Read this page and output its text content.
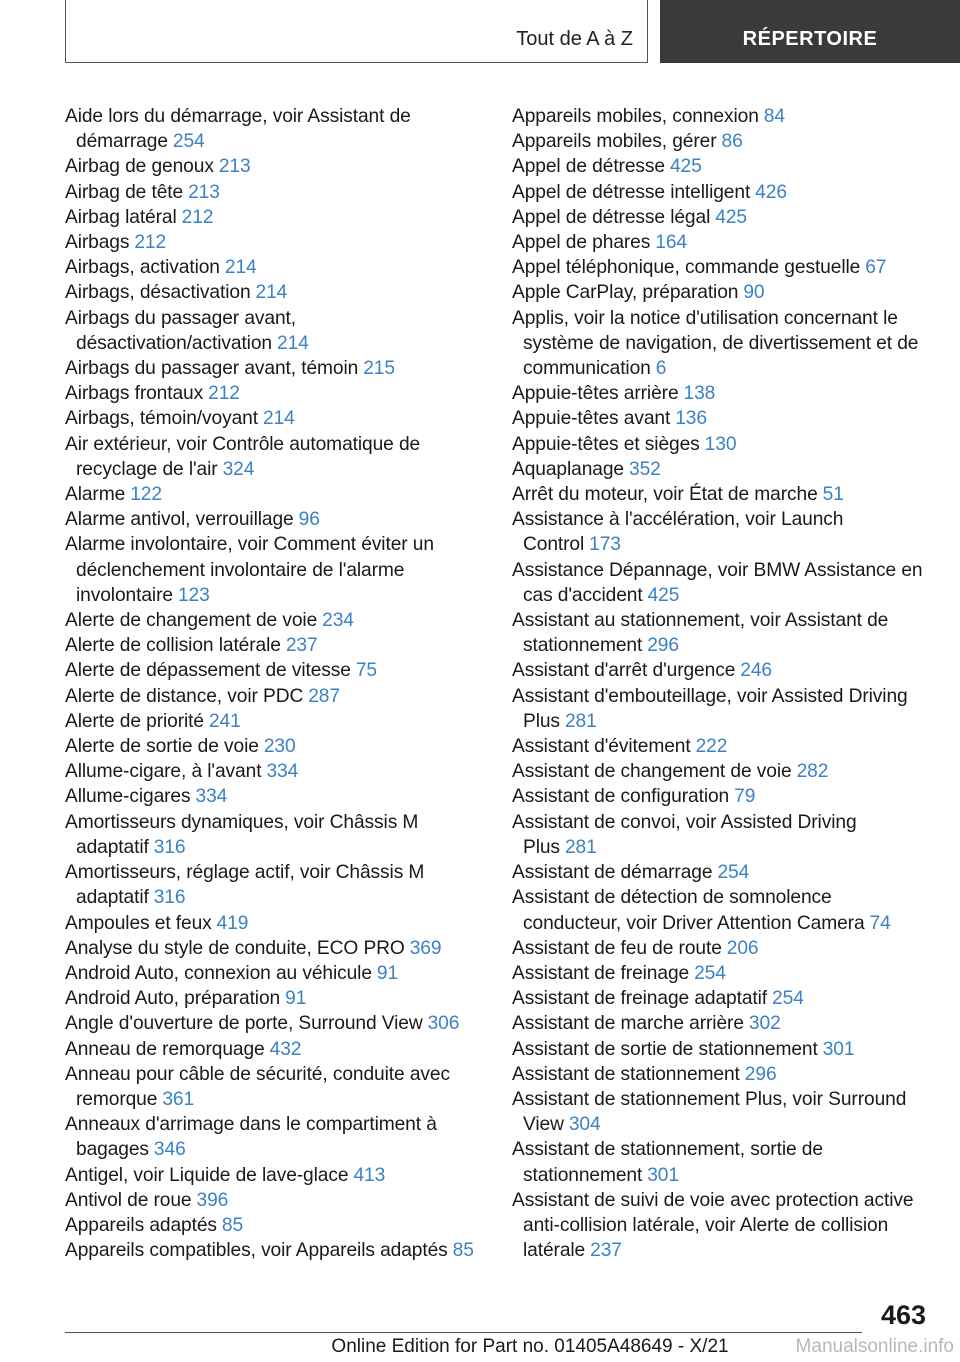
Tout de A à Z	RÉPERTOIRE
Aide lors du démarrage, voir Assistant de démarrage 254
Airbag de genoux 213
Airbag de tête 213
Airbag latéral 212
Airbags 212
Airbags, activation 214
Airbags, désactivation 214
Airbags du passager avant, désactivation/activation 214
Airbags du passager avant, témoin 215
Airbags frontaux 212
Airbags, témoin/voyant 214
Air extérieur, voir Contrôle automatique de recyclage de l'air 324
Alarme 122
Alarme antivol, verrouillage 96
Alarme involontaire, voir Comment éviter un déclenchement involontaire de l'alarme involontaire 123
Alerte de changement de voie 234
Alerte de collision latérale 237
Alerte de dépassement de vitesse 75
Alerte de distance, voir PDC 287
Alerte de priorité 241
Alerte de sortie de voie 230
Allume-cigare, à l'avant 334
Allume-cigares 334
Amortisseurs dynamiques, voir Châssis M adaptatif 316
Amortisseurs, réglage actif, voir Châssis M adaptatif 316
Ampoules et feux 419
Analyse du style de conduite, ECO PRO 369
Android Auto, connexion au véhicule 91
Android Auto, préparation 91
Angle d'ouverture de porte, Surround View 306
Anneau de remorquage 432
Anneau pour câble de sécurité, conduite avec remorque 361
Anneaux d'arrimage dans le compartiment à bagages 346
Antigel, voir Liquide de lave-glace 413
Antivol de roue 396
Appareils adaptés 85
Appareils compatibles, voir Appareils adaptés 85
Appareils mobiles, connexion 84
Appareils mobiles, gérer 86
Appel de détresse 425
Appel de détresse intelligent 426
Appel de détresse légal 425
Appel de phares 164
Appel téléphonique, commande gestuelle 67
Apple CarPlay, préparation 90
Applis, voir la notice d'utilisation concernant le système de navigation, de divertissement et de communication 6
Appuie-têtes arrière 138
Appuie-têtes avant 136
Appuie-têtes et sièges 130
Aquaplanage 352
Arrêt du moteur, voir État de marche 51
Assistance à l'accélération, voir Launch Control 173
Assistance Dépannage, voir BMW Assistance en cas d'accident 425
Assistant au stationnement, voir Assistant de stationnement 296
Assistant d'arrêt d'urgence 246
Assistant d'embouteillage, voir Assisted Driving Plus 281
Assistant d'évitement 222
Assistant de changement de voie 282
Assistant de configuration 79
Assistant de convoi, voir Assisted Driving Plus 281
Assistant de démarrage 254
Assistant de détection de somnolence conducteur, voir Driver Attention Camera 74
Assistant de feu de route 206
Assistant de freinage 254
Assistant de freinage adaptatif 254
Assistant de marche arrière 302
Assistant de sortie de stationnement 301
Assistant de stationnement 296
Assistant de stationnement Plus, voir Surround View 304
Assistant de stationnement, sortie de stationnement 301
Assistant de suivi de voie avec protection active anti-collision latérale, voir Alerte de collision latérale 237
463
Online Edition for Part no. 01405A48649 - X/21	Manualsonline.info
